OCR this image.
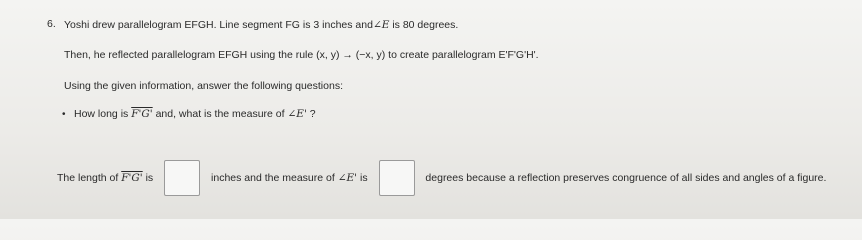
6. Yoshi drew parallelogram EFGH. Line segment FG is 3 inches and∠E is 80 degrees.
Then, he reflected parallelogram EFGH using the rule (x, y) → (−x, y) to create parallelogram E'F'G'H'.
Using the given information, answer the following questions:
• How long is F'G' and, what is the measure of ∠E' ?
The length of F'G' is	inches and the measure of ∠E' is	degrees because a reflection preserves congruence of all sides and angles of a figure.
